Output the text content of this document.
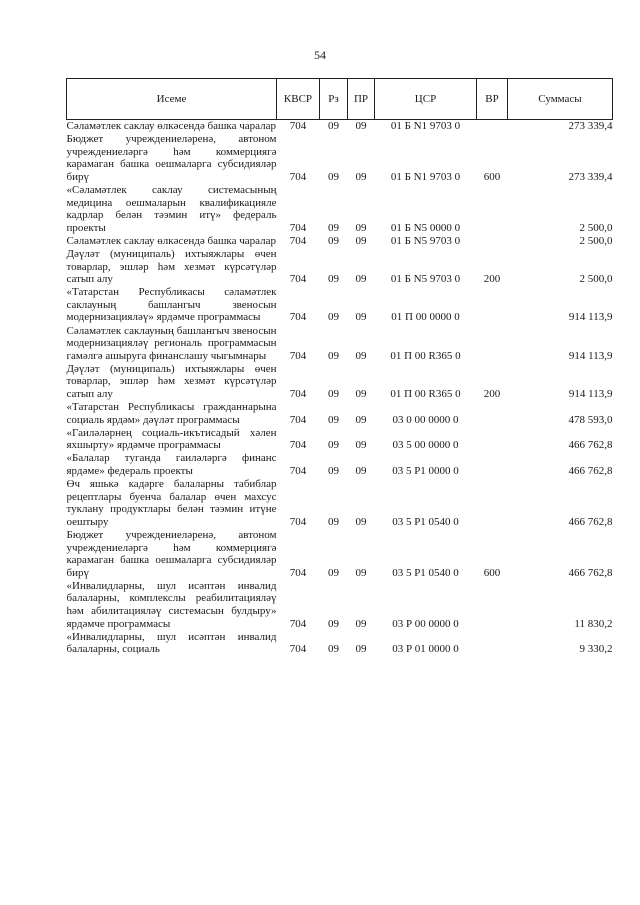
54
Исеме	КВСР	Рз	ПР	ЦСР	ВР	Суммасы
Сәламәтлек саклау өлкәсендә башка чаралар	704	09	09	01 Б N1 9703 0		273 339,4
Бюджет учреждениеләренә, автоном учреждениеләргә һәм коммерциягә карамаган башка оешмаларга субсидияләр бирү	704	09	09	01 Б N1 9703 0	600	273 339,4
«Сәламәтлек саклау системасының медицина оешмаларын квалификацияле кадрлар белән тәэмин итү» федераль проекты	704	09	09	01 Б N5 0000 0		2 500,0
Сәламәтлек саклау өлкәсендә башка чаралар	704	09	09	01 Б N5 9703 0		2 500,0
Дәүләт (муниципаль) ихтыяжлары өчен товарлар, эшләр һәм хезмәт күрсәтүләр сатып алу	704	09	09	01 Б N5 9703 0	200	2 500,0
«Татарстан Республикасы сәламәтлек саклауның башлангыч звеносын модернизацияләү» ярдәмче программасы	704	09	09	01 П 00 0000 0		914 113,9
Сәламәтлек саклауның башлангыч звеносын модернизацияләү региональ программасын гамәлгә ашыруга финанслашу чыгымнары	704	09	09	01 П 00 R365 0		914 113,9
Дәүләт (муниципаль) ихтыяжлары өчен товарлар, эшләр һәм хезмәт күрсәтүләр сатып алу	704	09	09	01 П 00 R365 0	200	914 113,9
«Татарстан Республикасы гражданнарына социаль ярдәм» дәүләт программасы	704	09	09	03 0 00 0000 0		478 593,0
«Гаиләләрнең социаль-икътисадый хәлен яхшырту» ярдәмче программасы	704	09	09	03 5 00 0000 0		466 762,8
«Балалар туганда гаиләләргә финанс ярдәме» федераль проекты	704	09	09	03 5 P1 0000 0		466 762,8
Өч яшькә кадәрге балаларны табиблар рецептлары буенча балалар өчен махсус туклану продуктлары белән тәэмин итүне оештыру	704	09	09	03 5 P1 0540 0		466 762,8
Бюджет учреждениеләренә, автоном учреждениеләргә һәм коммерциягә карамаган башка оешмаларга субсидияләр бирү	704	09	09	03 5 P1 0540 0	600	466 762,8
«Инвалидларны, шул исәптән инвалид балаларны, комплекслы реабилитацияләү һәм абилитацияләү системасын булдыру» ярдәмче программасы	704	09	09	03 Р 00 0000 0		11 830,2
«Инвалидларны, шул исәптән инвалид балаларны, социаль	704	09	09	03 Р 01 0000 0		9 330,2
